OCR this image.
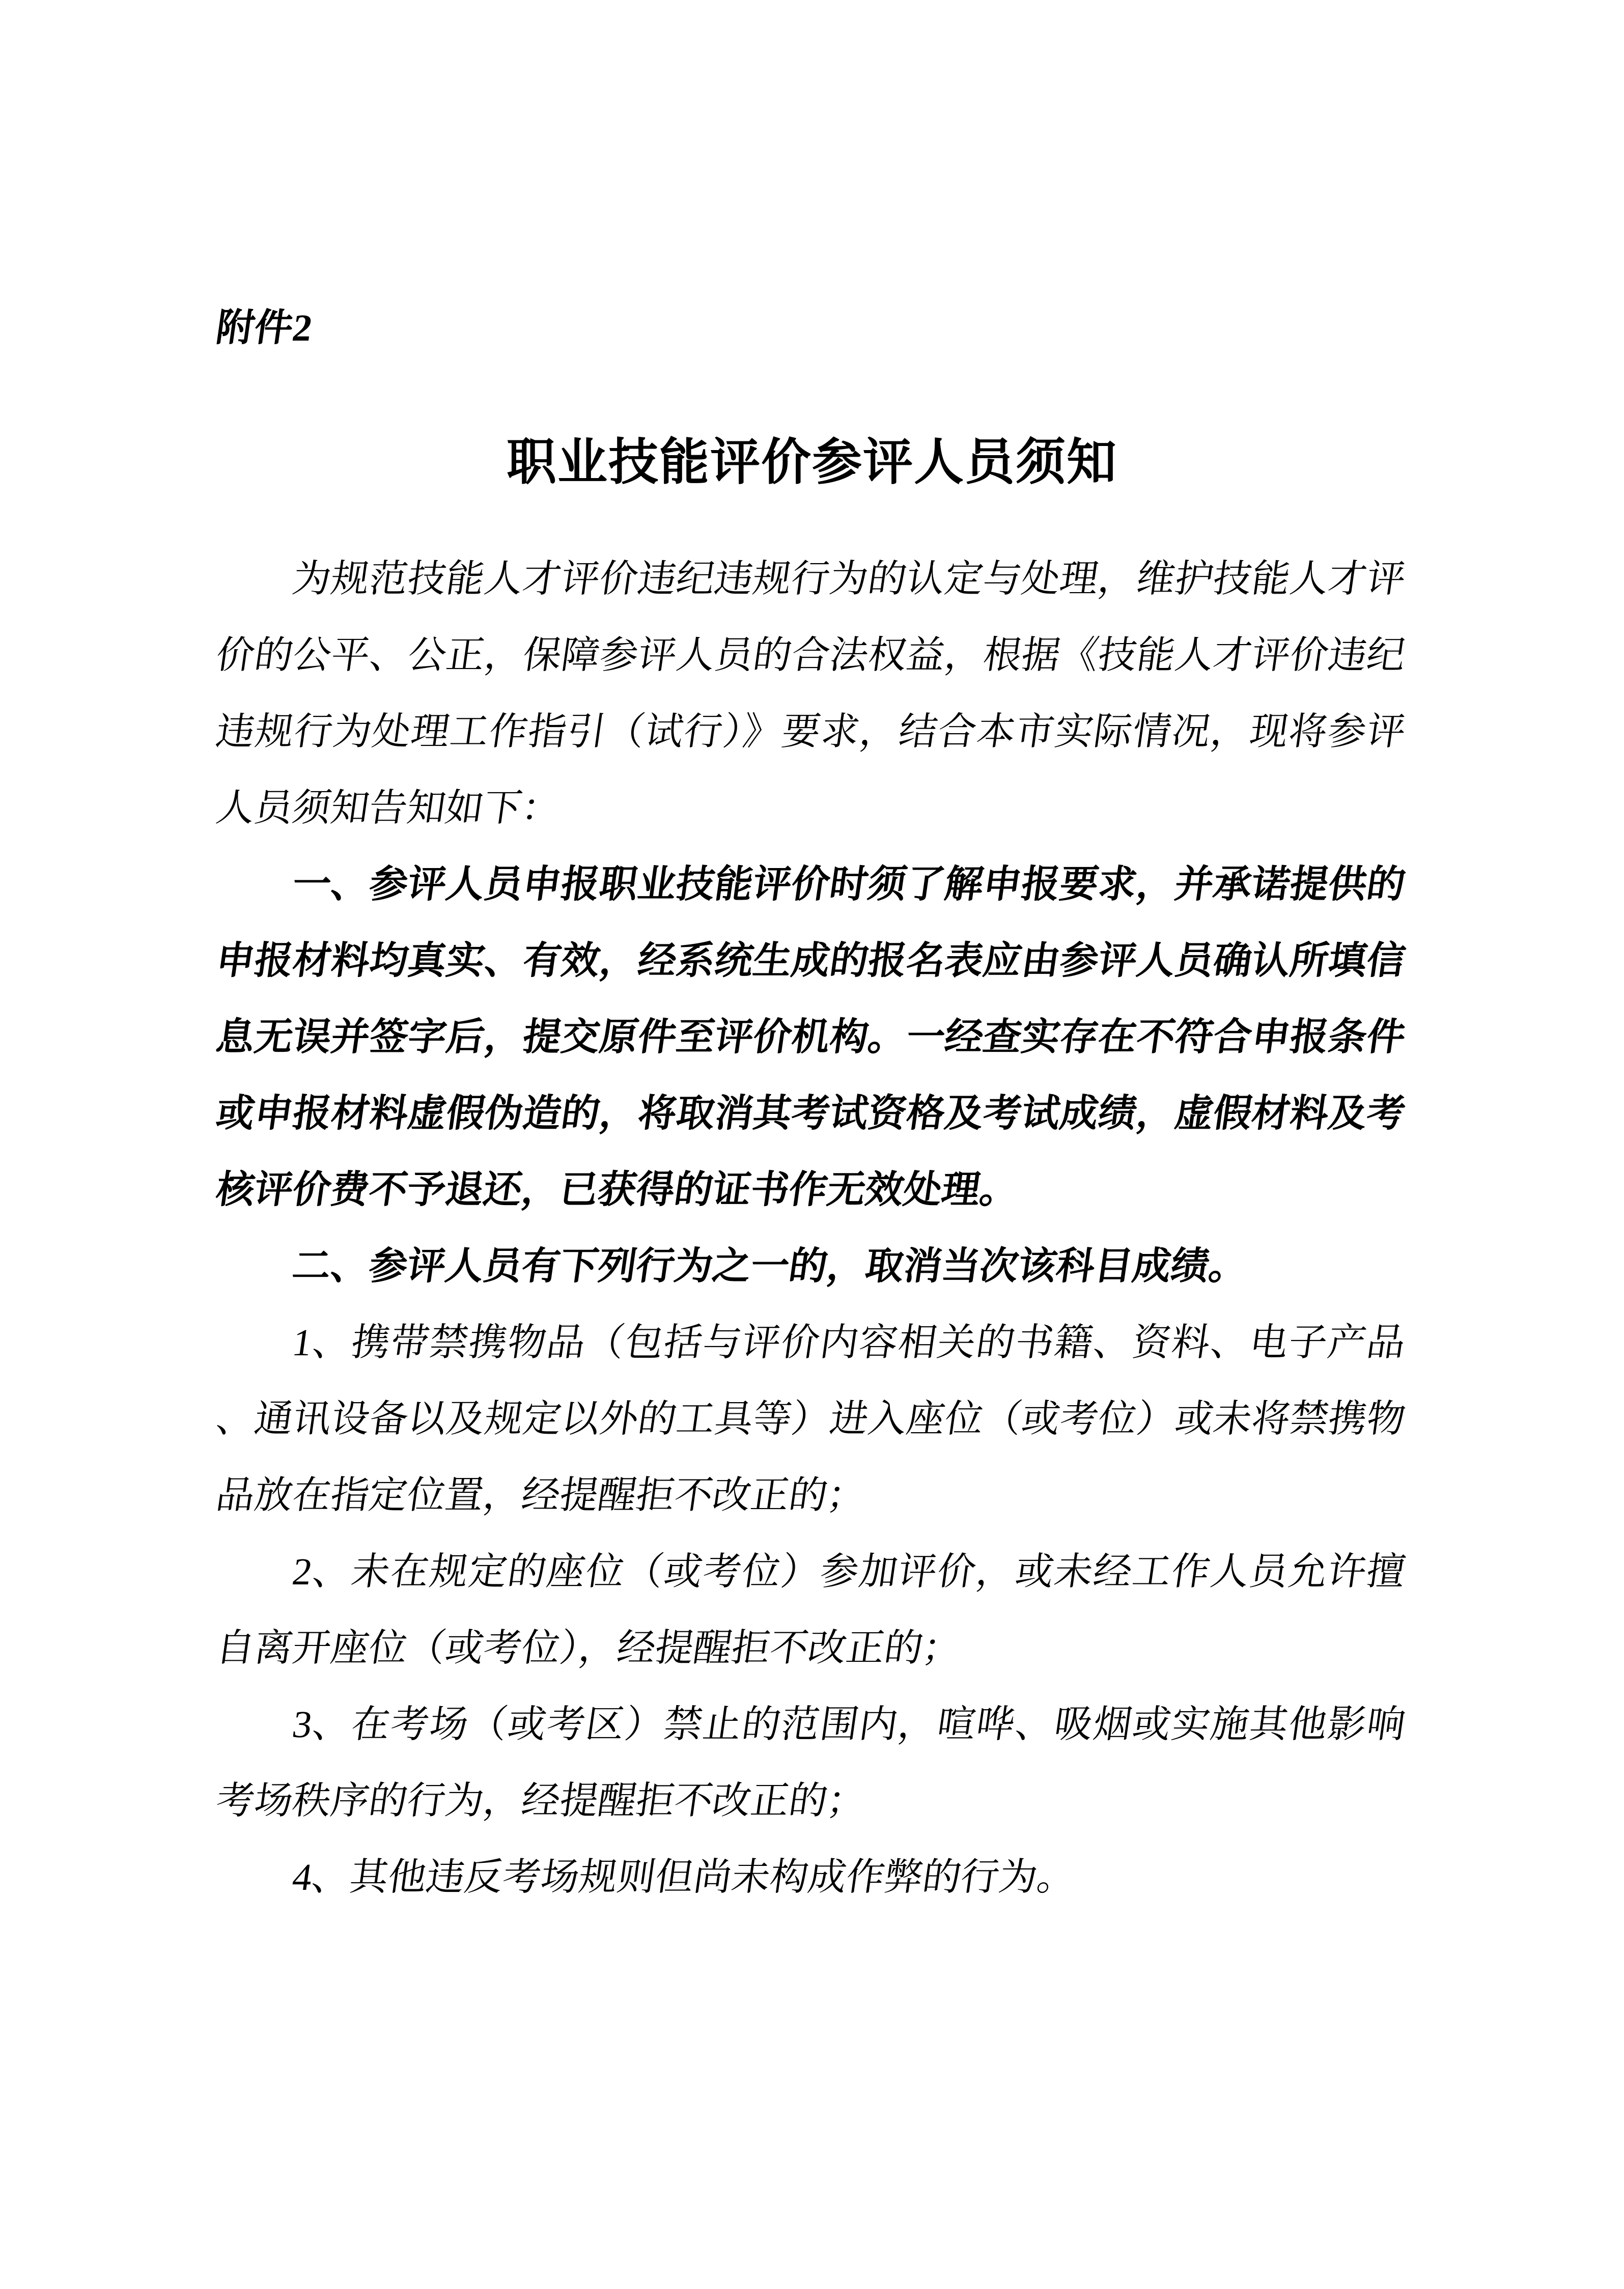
附件2
职业技能评价参评人员须知
为规范技能人才评价违纪违规行为的认定与处理，维护技能人才评
价的公平、公正，保障参评人员的合法权益，根据《技能人才评价违纪
违规行为处理工作指引（试行）》要求，结合本市实际情况，现将参评
人员须知告知如下：
一、参评人员申报职业技能评价时须了解申报要求，并承诺提供的
申报材料均真实、有效，经系统生成的报名表应由参评人员确认所填信
息无误并签字后，提交原件至评价机构。一经查实存在不符合申报条件
或申报材料虚假伪造的，将取消其考试资格及考试成绩，虚假材料及考
核评价费不予退还，已获得的证书作无效处理。
二、参评人员有下列行为之一的，取消当次该科目成绩。
1、携带禁携物品（包括与评价内容相关的书籍、资料、电子产品
、通讯设备以及规定以外的工具等）进入座位（或考位）或未将禁携物
品放在指定位置，经提醒拒不改正的；
2、未在规定的座位（或考位）参加评价，或未经工作人员允许擅
自离开座位（或考位），经提醒拒不改正的；
3、在考场（或考区）禁止的范围内，喧哗、吸烟或实施其他影响
考场秩序的行为，经提醒拒不改正的；
4、其他违反考场规则但尚未构成作弊的行为。
